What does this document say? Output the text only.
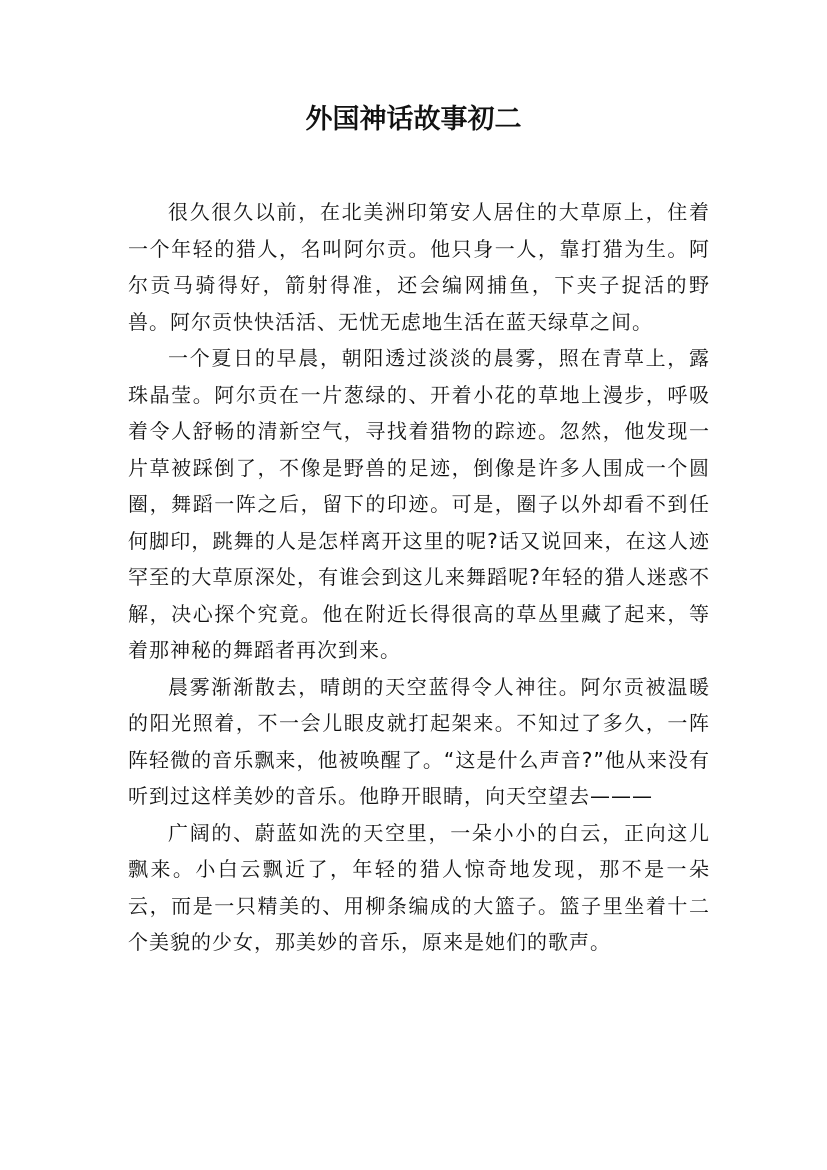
外国神话故事初二

很久很久以前，在北美洲印第安人居住的大草原上，住着一个年轻的猎人，名叫阿尔贡。他只身一人，靠打猎为生。阿尔贡马骑得好，箭射得准，还会编网捕鱼，下夹子捉活的野兽。阿尔贡快快活活、无忧无虑地生活在蓝天绿草之间。

一个夏日的早晨，朝阳透过淡淡的晨雾，照在青草上，露珠晶莹。阿尔贡在一片葱绿的、开着小花的草地上漫步，呼吸着令人舒畅的清新空气，寻找着猎物的踪迹。忽然，他发现一片草被踩倒了，不像是野兽的足迹，倒像是许多人围成一个圆圈，舞蹈一阵之后，留下的印迹。可是，圈子以外却看不到任何脚印，跳舞的人是怎样离开这里的呢?话又说回来，在这人迹罕至的大草原深处，有谁会到这儿来舞蹈呢?年轻的猎人迷惑不解，决心探个究竟。他在附近长得很高的草丛里藏了起来，等着那神秘的舞蹈者再次到来。

晨雾渐渐散去，晴朗的天空蓝得令人神往。阿尔贡被温暖的阳光照着，不一会儿眼皮就打起架来。不知过了多久，一阵阵轻微的音乐飘来，他被唤醒了。“这是什么声音?”他从来没有听到过这样美妙的音乐。他睁开眼睛，向天空望去———

广阔的、蔚蓝如洗的天空里，一朵小小的白云，正向这儿飘来。小白云飘近了，年轻的猎人惊奇地发现，那不是一朵云，而是一只精美的、用柳条编成的大篮子。篮子里坐着十二个美貌的少女，那美妙的音乐，原来是她们的歌声。
